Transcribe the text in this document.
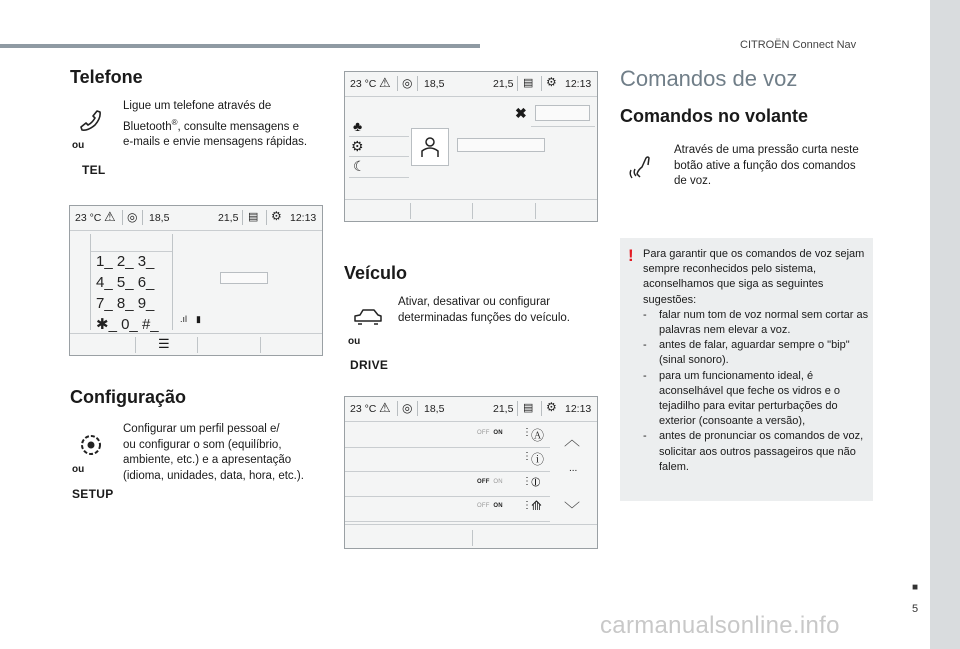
CITROËN Connect Nav
■
5
carmanualsonline.info
Telefone
ou
TEL
Ligue um telefone através de
Bluetooth®, consulte mensagens e
e-mails e envie mensagens rápidas.
23 °C ⚠ ◎ 18,5	21,5 ▤ ⚙ 12:13
1_ 2_ 3_
4_ 5_ 6_
7_ 8_ 9_
✱_ 0_ #_ .ıl ▮
☰
Configuração
ou
SETUP
Configurar um perfil pessoal e/
ou configurar o som (equilíbrio,
ambiente, etc.) e a apresentação
(idioma, unidades, data, hora, etc.).
23 °C ⚠ ◎ 18,5	21,5 ▤ ⚙ 12:13
♣
⚙
☾
✖
Veículo
ou
DRIVE
Ativar, desativar ou configurar
determinadas funções do veículo.
23 °C ⚠ ◎ 18,5	21,5 ▤ ⚙ 12:13
OFF ON ⋮ Ⓐ
⋮ ⓘ
OFF ON ⋮ ⦶
OFF ON ⋮ ⟰
︿
...
﹀
Comandos de voz
Comandos no volante
Através de uma pressão curta neste
botão ative a função dos comandos
de voz.
! Para garantir que os comandos de voz sejam sempre reconhecidos pelo sistema, aconselhamos que siga as seguintes sugestões:
- falar num tom de voz normal sem cortar as palavras nem elevar a voz.
- antes de falar, aguardar sempre o "bip" (sinal sonoro).
- para um funcionamento ideal, é aconselhável que feche os vidros e o tejadilho para evitar perturbações do exterior (consoante a versão),
- antes de pronunciar os comandos de voz, solicitar aos outros passageiros que não falem.
